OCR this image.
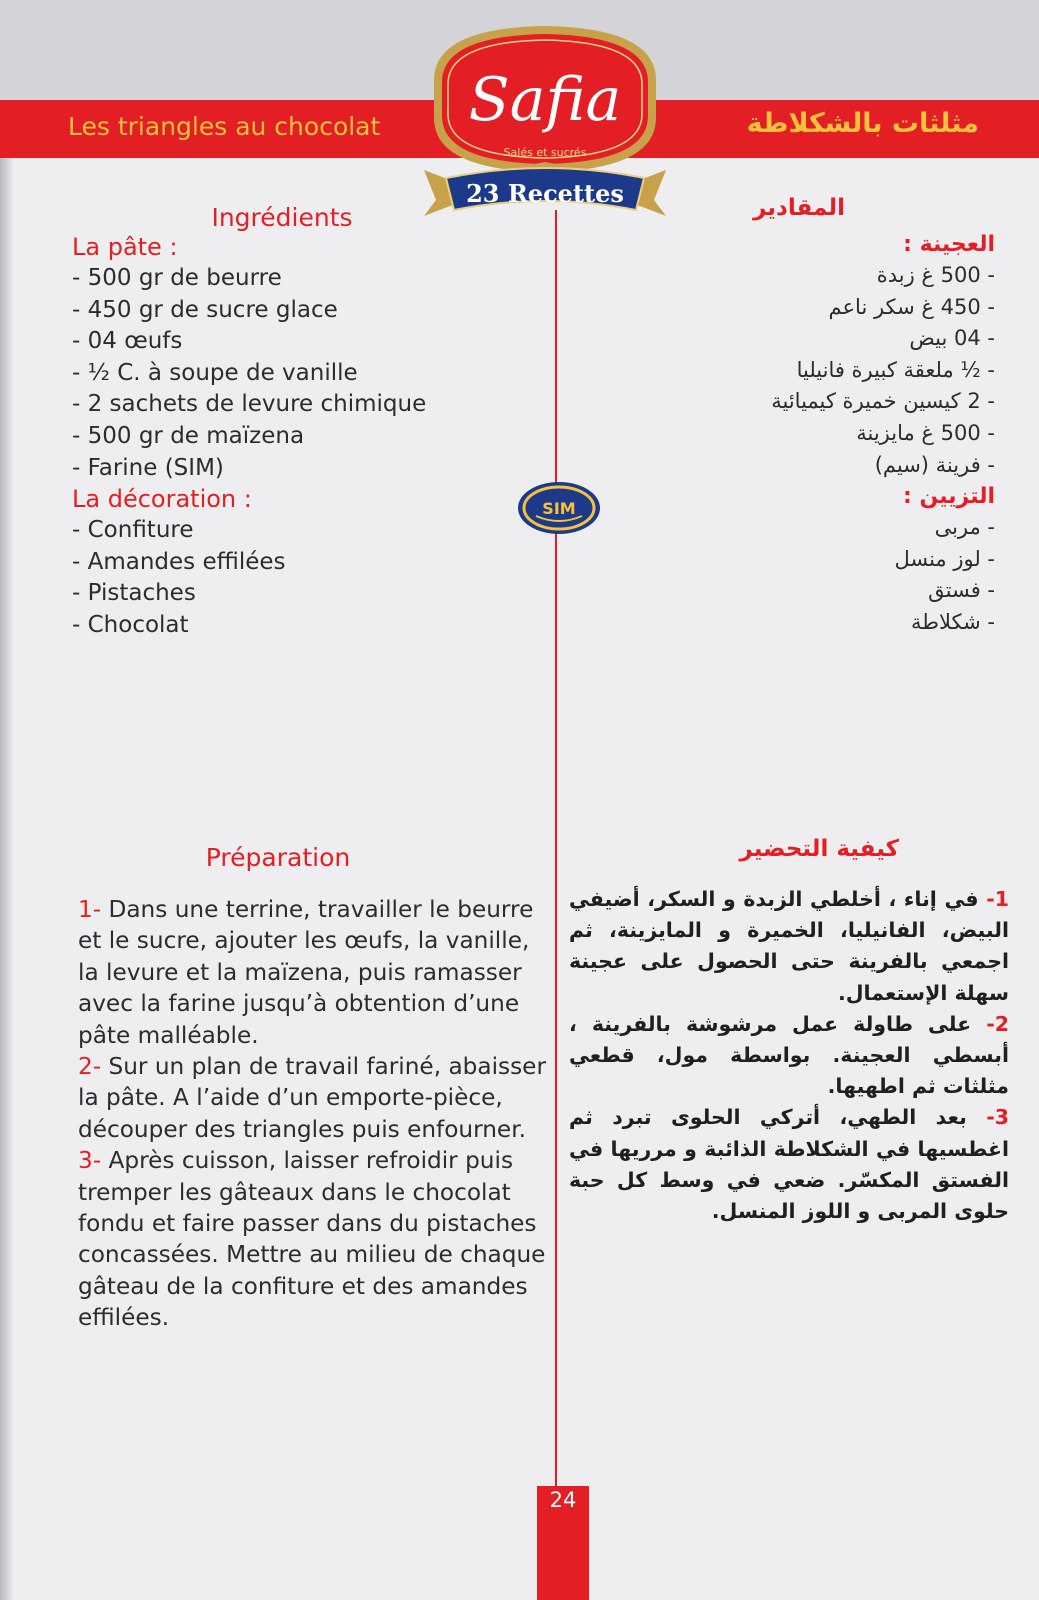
Les triangles au chocolat	مثلثات بالشكلاطة
Safia
Salés et sucrés
23 Recettes
SIM
Ingrédients
La pâte :
- 500 gr de beurre
- 450 gr de sucre glace
- 04 œufs
- ½ C. à soupe de vanille
- 2 sachets de levure chimique
- 500 gr de maïzena
- Farine (SIM)
La décoration :
- Confiture
- Amandes effilées
- Pistaches
- Chocolat
المقادير
العجينة :
- 500 غ زبدة
- 450 غ سكر ناعم
- 04 بيض
- ½ ملعقة كبيرة فانيليا
- 2 كيسين خميرة كيميائية
- 500 غ مايزينة
- فرينة (سيم)
التزيين :
- مربى
- لوز منسل
- فستق
- شكلاطة
Préparation
1- Dans une terrine, travailler le beurre et le sucre, ajouter les œufs, la vanille, la levure et la maïzena, puis ramasser avec la farine jusqu’à obtention d’une pâte malléable.
2- Sur un plan de travail fariné, abaisser la pâte. A l’aide d’un emporte-pièce, découper des triangles puis enfourner.
3- Après cuisson, laisser refroidir puis tremper les gâteaux dans le chocolat fondu et faire passer dans du pistaches concassées. Mettre au milieu de chaque gâteau de la confiture et des amandes effilées.
كيفية التحضير
1- في إناء ، أخلطي الزبدة و السكر، أضيفي البيض، الفانيليا، الخميرة و المايزينة، ثم اجمعي بالفرينة حتى الحصول على عجينة سهلة الإستعمال.
2- على طاولة عمل مرشوشة بالفرينة ، أبسطي العجينة. بواسطة مول، قطعي مثلثات ثم اطهيها.
3- بعد الطهي، أتركي الحلوى تبرد ثم اغطسيها في الشكلاطة الذائبة و مرريها في الفستق المكسّر. ضعي في وسط كل حبة حلوى المربى و اللوز المنسل.
24
